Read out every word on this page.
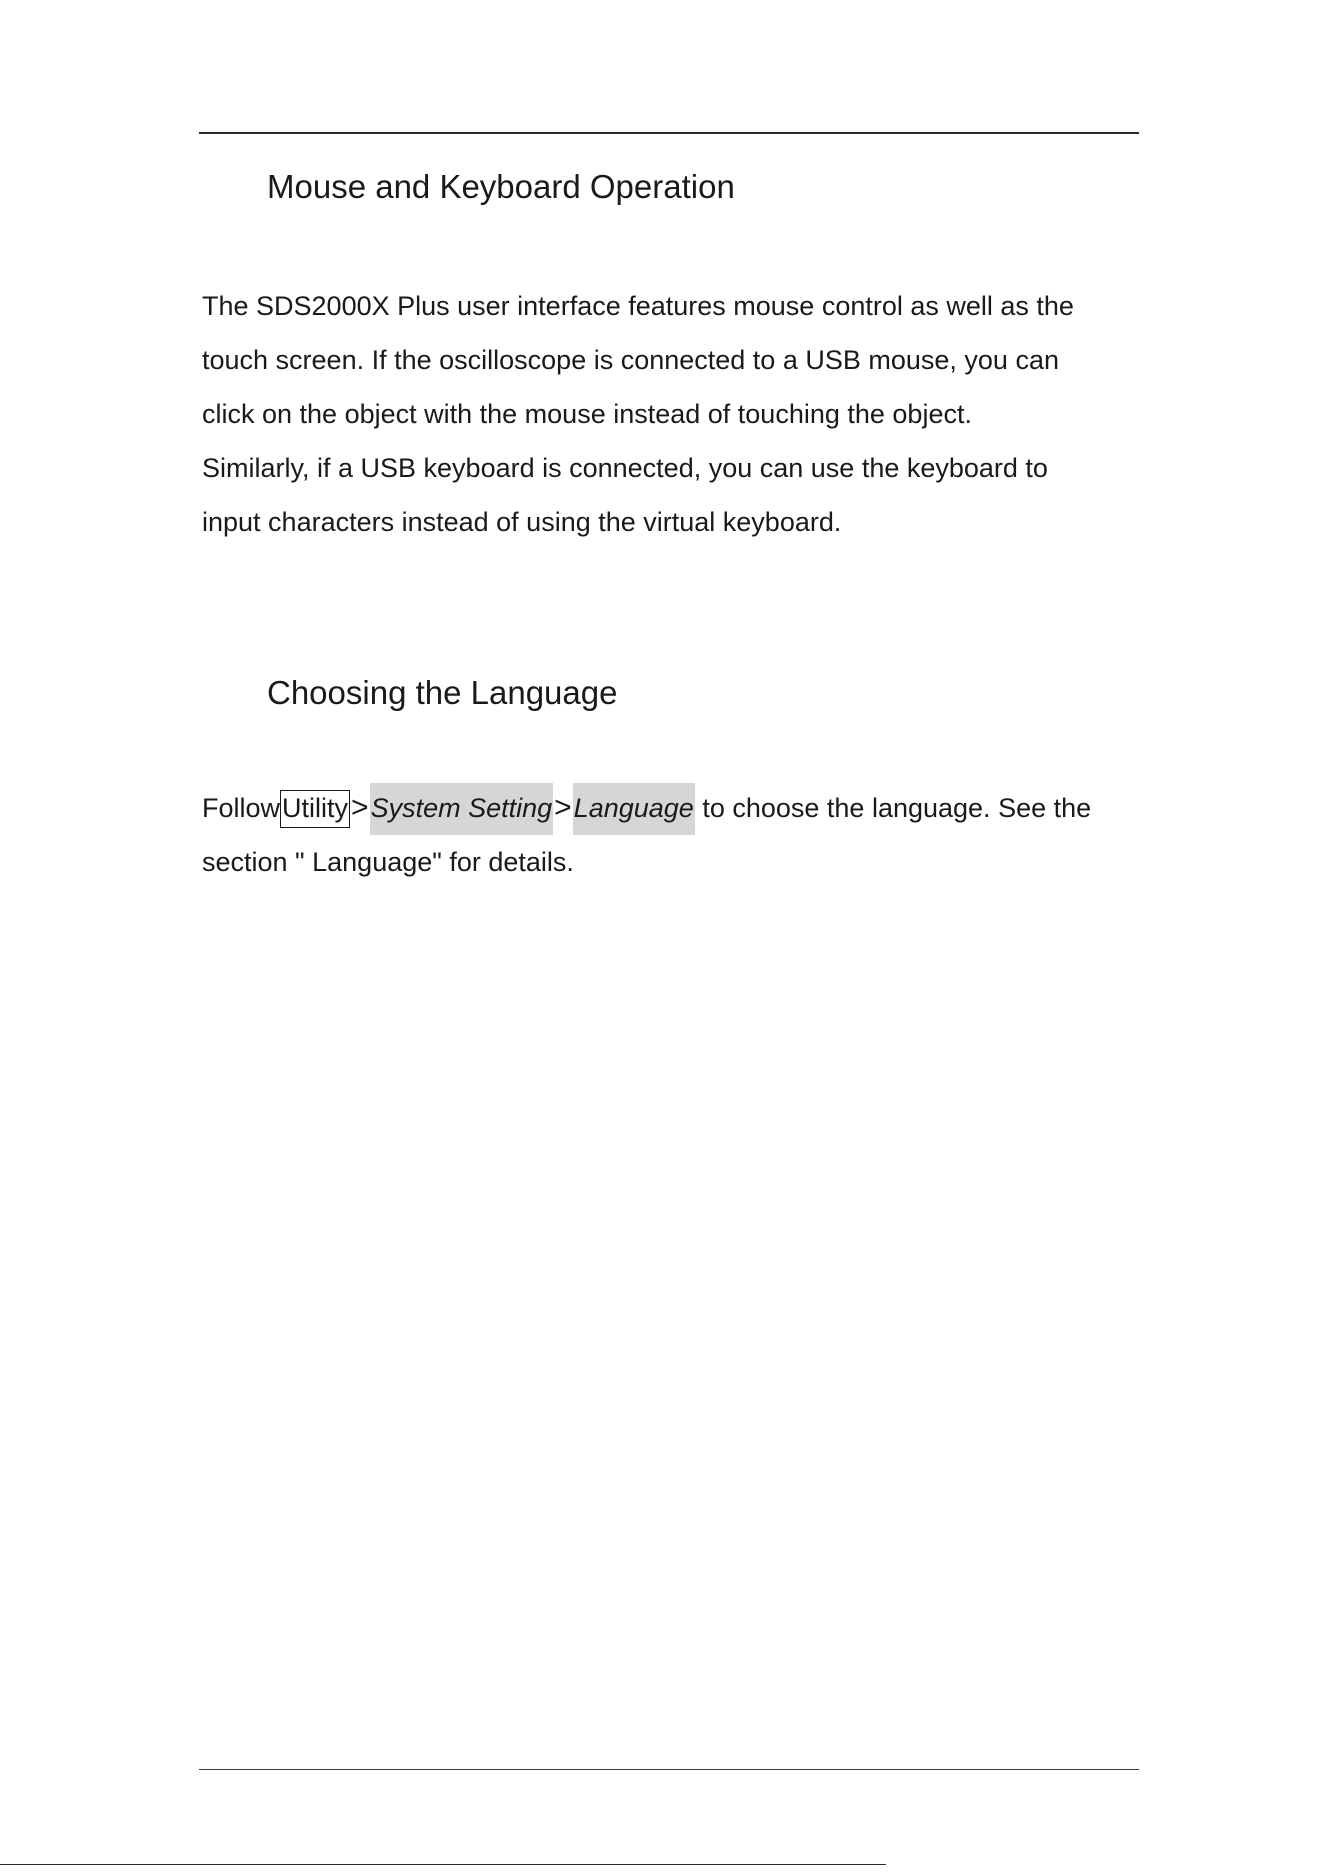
Mouse and Keyboard Operation

The SDS2000X Plus user interface features mouse control as well as the
touch screen. If the oscilloscope is connected to a USB mouse, you can
click on the object with the mouse instead of touching the object.
Similarly, if a USB keyboard is connected, you can use the keyboard to
input characters instead of using the virtual keyboard.

Choosing the Language

FollowUtility >System Setting>Language to choose the language. See the
section " Language" for details.
